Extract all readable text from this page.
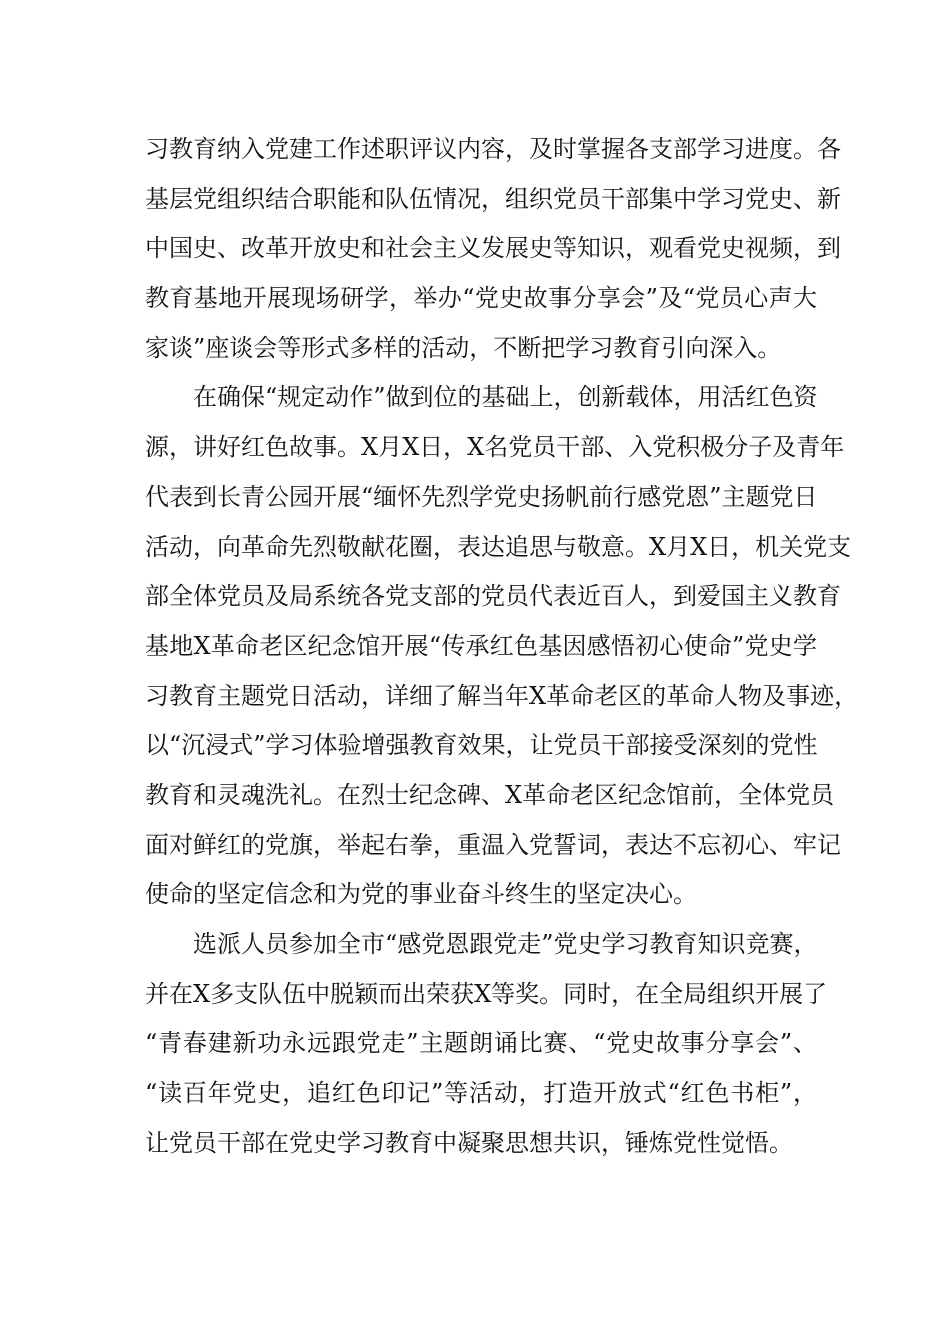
习教育纳入党建工作述职评议内容，及时掌握各支部学习进度。各
基层党组织结合职能和队伍情况，组织党员干部集中学习党史、新
中国史、改革开放史和社会主义发展史等知识，观看党史视频，到
教育基地开展现场研学，举办“党史故事分享会”及“党员心声大
家谈”座谈会等形式多样的活动，不断把学习教育引向深入。
　　在确保“规定动作”做到位的基础上，创新载体，用活红色资
源，讲好红色故事。X月X日，X名党员干部、入党积极分子及青年
代表到长青公园开展“缅怀先烈学党史扬帆前行感党恩”主题党日
活动，向革命先烈敬献花圈，表达追思与敬意。X月X日，机关党支
部全体党员及局系统各党支部的党员代表近百人，到爱国主义教育
基地X革命老区纪念馆开展“传承红色基因感悟初心使命”党史学
习教育主题党日活动，详细了解当年X革命老区的革命人物及事迹，
以“沉浸式”学习体验增强教育效果，让党员干部接受深刻的党性
教育和灵魂洗礼。在烈士纪念碑、X革命老区纪念馆前，全体党员
面对鲜红的党旗，举起右拳，重温入党誓词，表达不忘初心、牢记
使命的坚定信念和为党的事业奋斗终生的坚定决心。
　　选派人员参加全市“感党恩跟党走”党史学习教育知识竞赛，
并在X多支队伍中脱颖而出荣获X等奖。同时，在全局组织开展了
“青春建新功永远跟党走”主题朗诵比赛、“党史故事分享会”、
“读百年党史，追红色印记”等活动，打造开放式“红色书柜”，
让党员干部在党史学习教育中凝聚思想共识，锤炼党性觉悟。
